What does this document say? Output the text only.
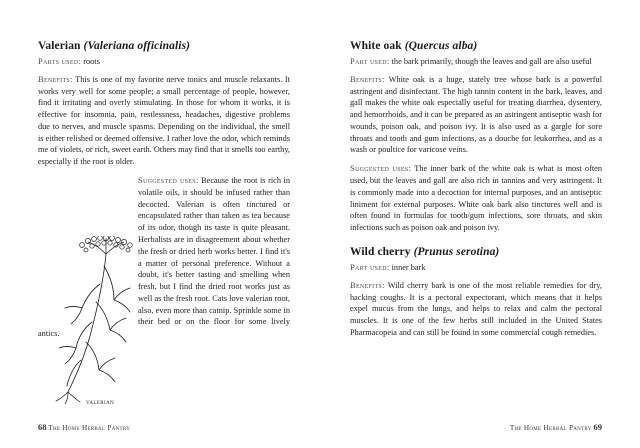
Valerian (Valeriana officinalis)

Parts used: roots

Benefits: This is one of my favorite nerve tonics and muscle relaxants. It works very well for some people; a small percentage of people, however, find it irritating and overly stimulating. In those for whom it works, it is effective for insomnia, pain, restlessness, headaches, digestive problems due to nerves, and muscle spasms. Depending on the individual, the smell is either relished or deemed offensive. I rather love the odor, which reminds me of violets, or rich, sweet earth. Others may find that it smells too earthy, especially if the root is older.

Suggested uses: Because the root is rich in volatile oils, it should be infused rather than decocted. Valerian is often tinctured or encapsulated rather than taken as tea because of its odor, though its taste is quite pleasant. Herbalists are in disagreement about whether the fresh or dried herb works better. I find it's a matter of personal preference. Without a doubt, it's better tasting and smelling when fresh, but I find the dried root works just as well as the fresh root. Cats love valerian root, also, even more than catnip. Sprinkle some in their bed or on the floor for some lively antics.

valerian
68 The Home Herbal Pantry
White oak (Quercus alba)

Part used: the bark primarily, though the leaves and gall are also useful

Benefits: White oak is a huge, stately tree whose bark is a powerful astringent and disinfectant. The high tannin content in the bark, leaves, and gall makes the white oak especially useful for treating diarrhea, dysentery, and hemorrhoids, and it can be prepared as an astringent antiseptic wash for wounds, poison oak, and poison ivy. It is also used as a gargle for sore throats and tooth and gum infections, as a douche for leukorrhea, and as a wash or poultice for varicose veins.

Suggested uses: The inner bark of the white oak is what is most often used, but the leaves and gall are also rich in tannins and very astringent. It is commonly made into a decoction for internal purposes, and an antiseptic liniment for external purposes. White oak bark also tinctures well and is often found in formulas for tooth/gum infections, sore throats, and skin infections such as poison oak and poison ivy.

Wild cherry (Prunus serotina)

Part used: inner bark

Benefits: Wild cherry bark is one of the most reliable remedies for dry, hacking coughs. It is a pectoral expectorant, which means that it helps expel mucus from the lungs, and helps to relax and calm the pectoral muscles. It is one of the few herbs still included in the United States Pharmacopeia and can still be found in some commercial cough remedies.

The Home Herbal Pantry 69
